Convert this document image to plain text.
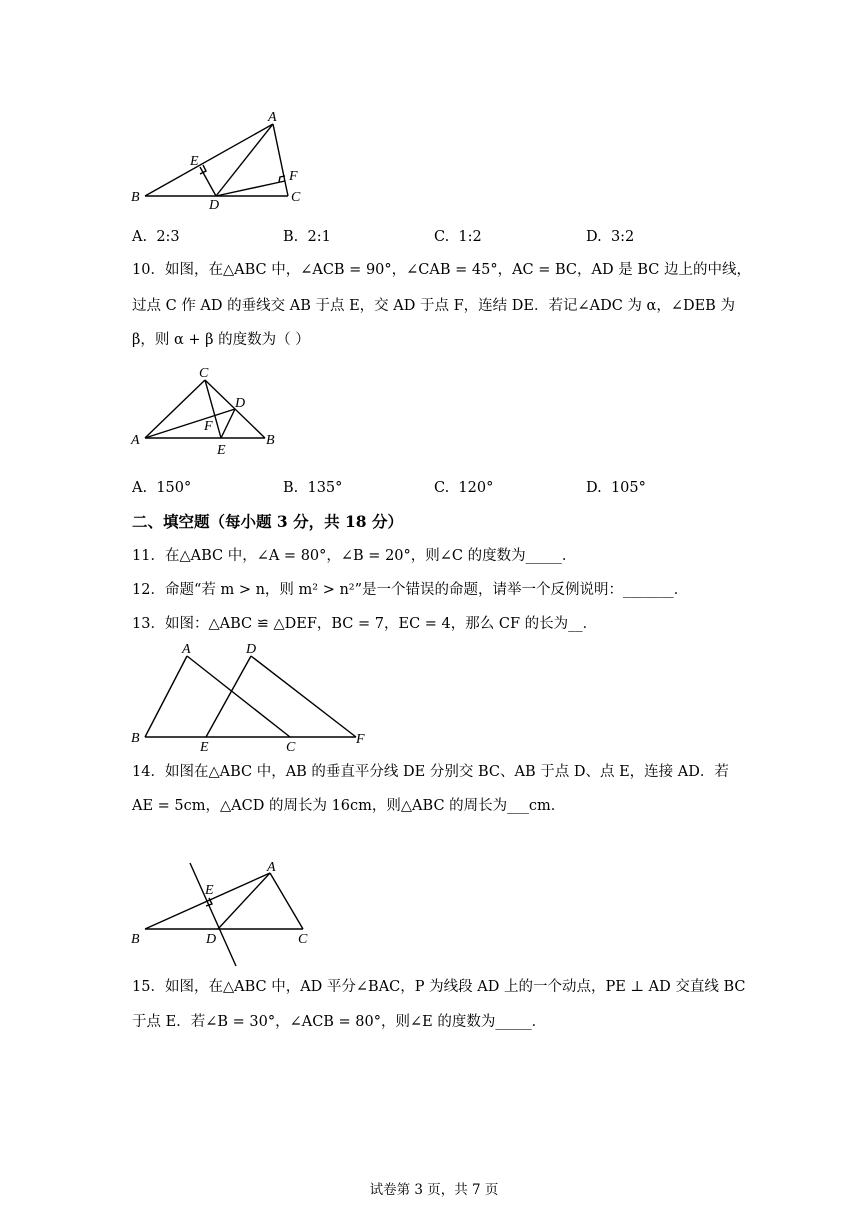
A
B	C
D
E
F
A. 2:3	B. 2:1	C. 1:2	D. 3:2
10．如图，在△ABC 中，∠ACB = 90°，∠CAB = 45°，AC = BC，AD 是 BC 边上的中线，
过点 C 作 AD 的垂线交 AB 于点 E，交 AD 于点 F，连结 DE．若记∠ADC 为 α，∠DEB 为
β，则 α + β 的度数为（ ）
A	B
C
D
E
F
A. 150°	B. 135°	C. 120°	D. 105°
二、填空题（每小题 3 分，共 18 分）
11．在△ABC 中，∠A = 80°，∠B = 20°，则∠C 的度数为_____．
12．命题“若 m > n，则 m² > n²”是一个错误的命题，请举一个反例说明：_______．
13．如图：△ABC ≌ △DEF，BC = 7，EC = 4，那么 CF 的长为__．
A
B
C
D
E
F
14．如图在△ABC 中，AB 的垂直平分线 DE 分别交 BC、AB 于点 D、点 E，连接 AD．若
AE = 5cm，△ACD 的周长为 16cm，则△ABC 的周长为___cm．
A
B	C
D
E
15．如图，在△ABC 中，AD 平分∠BAC，P 为线段 AD 上的一个动点，PE ⊥ AD 交直线 BC
于点 E．若∠B = 30°，∠ACB = 80°，则∠E 的度数为_____．
试卷第 3 页，共 7 页
